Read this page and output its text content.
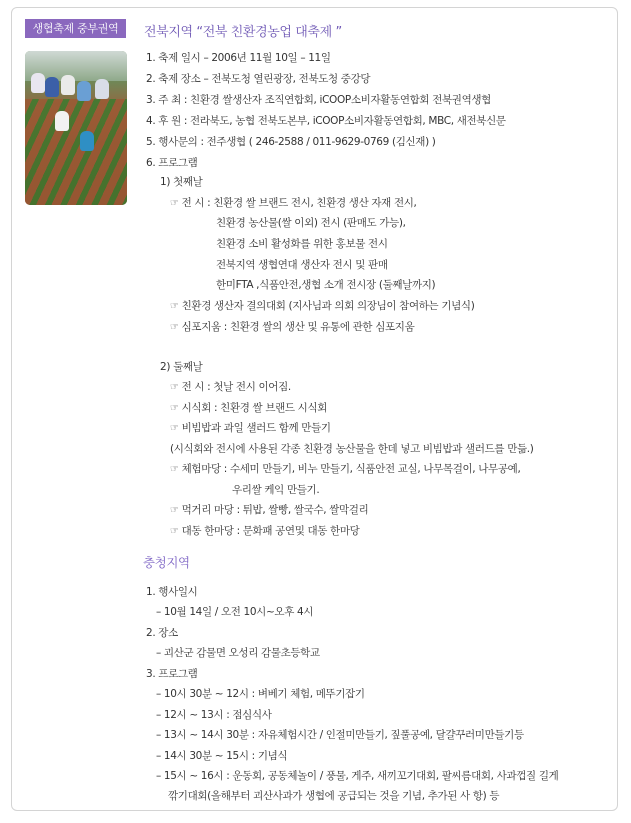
생협축제 중부권역	전북지역 “전북 친환경농업 대축제 ”
1. 축제 일시 – 2006년 11월 10일 – 11일
2. 축제 장소 – 전북도청 열린광장, 전북도청 중강당
3. 주 최 : 친환경 쌀생산자 조직연합회, iCOOP소비자활동연합회 전북권역생협
4. 후 원 : 전라북도, 농협 전북도본부, iCOOP소비자활동연합회, MBC, 새전북신문
5. 행사문의 : 전주생협 ( 246-2588 / 011-9629-0769 (김신재) )
6. 프로그램
1) 첫째날
☞ 전 시 : 친환경 쌀 브랜드 전시, 친환경 생산 자재 전시,
친환경 농산물(쌀 이외) 전시 (판매도 가능),
친환경 소비 활성화를 위한 홍보물 전시
전북지역 생협연대 생산자 전시 및 판매
한미FTA ,식품안전,생협 소개 전시장 (둘째날까지)
☞ 친환경 생산자 결의대회 (지사님과 의회 의장님이 참여하는 기념식)
☞ 심포지움 : 친환경 쌀의 생산 및 유통에 관한 심포지움
2) 둘째날
☞ 전 시 : 첫날 전시 이어짐.
☞ 시식회 : 친환경 쌀 브랜드 시식회
☞ 비빔밥과 과일 샐러드 함께 만들기
(시식회와 전시에 사용된 각종 친환경 농산물을 한데 넣고 비빔밥과 샐러드를 만듦.)
☞ 체험마당 : 수세미 만들기, 비누 만들기, 식품안전 교실, 나무목걸이, 나무공예,
우리쌀 케익 만들기.
☞ 먹거리 마당 : 튀밥, 쌀빵, 쌀국수, 쌀막걸리
☞ 대동 한마당 : 문화패 공연및 대동 한마당
충청지역
1. 행사일시
– 10월 14일 / 오전 10시~오후 4시
2. 장소
– 괴산군 감물면 오성리 감물초등학교
3. 프로그램
– 10시 30분 ~ 12시 : 벼베기 체험, 메뚜기잡기
– 12시 ~ 13시 : 점심식사
– 13시 ~ 14시 30분 : 자유체험시간 / 인절미만들기, 짚풀공예, 달걀꾸러미만들기등
– 14시 30분 ~ 15시 : 기념식
– 15시 ~ 16시 : 운동회, 공동체놀이 / 풍물, 게주, 새끼꼬기대회, 팔씨름대회, 사과껍질 길게
깎기대회(올해부터 괴산사과가 생협에 공급되는 것을 기념, 추가된 사 항) 등
